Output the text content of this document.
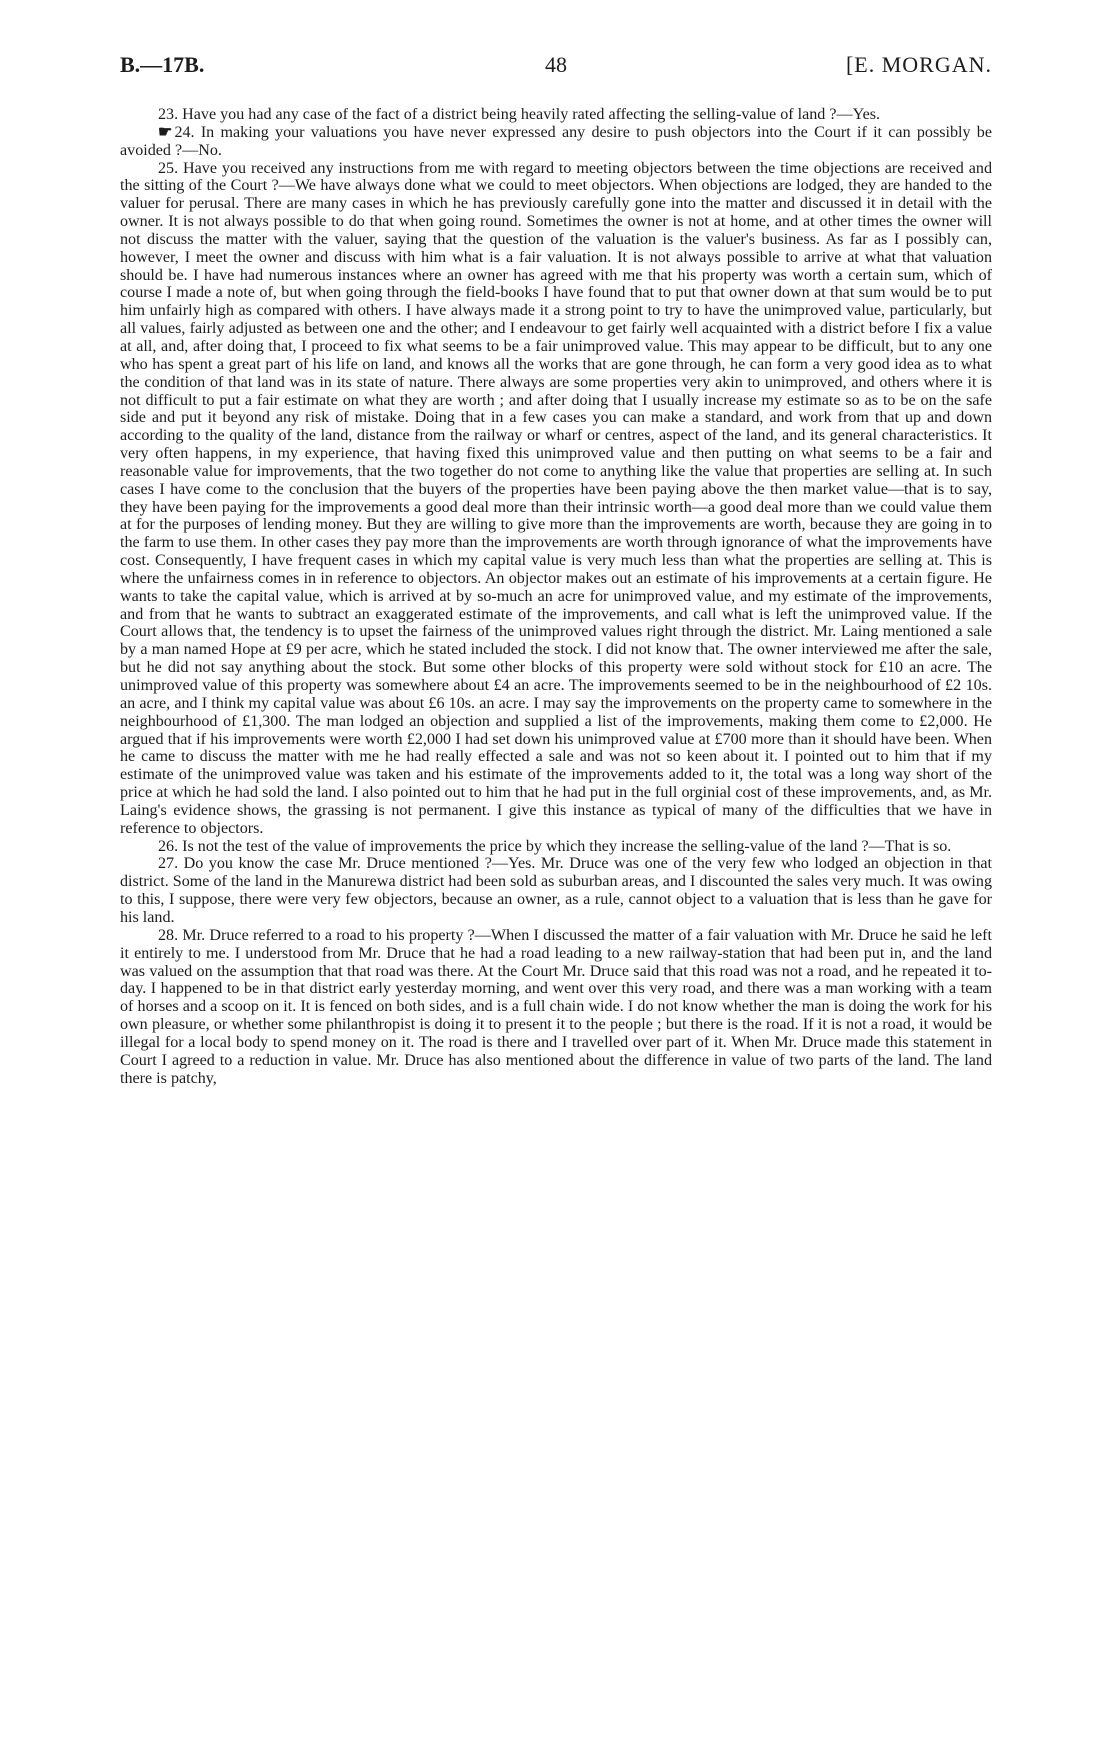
B.—17B.	48	[E. MORGAN.

23. Have you had any case of the fact of a district being heavily rated affecting the selling-value of land ?—Yes.

☛ 24. In making your valuations you have never expressed any desire to push objectors into the Court if it can possibly be avoided ?—No.

25. Have you received any instructions from me with regard to meeting objectors between the time objections are received and the sitting of the Court ?—We have always done what we could to meet objectors. When objections are lodged, they are handed to the valuer for perusal. There are many cases in which he has previously carefully gone into the matter and discussed it in detail with the owner. It is not always possible to do that when going round. Sometimes the owner is not at home, and at other times the owner will not discuss the matter with the valuer, saying that the question of the valuation is the valuer's business. As far as I possibly can, however, I meet the owner and discuss with him what is a fair valuation. It is not always possible to arrive at what that valuation should be. I have had numerous instances where an owner has agreed with me that his property was worth a certain sum, which of course I made a note of, but when going through the field-books I have found that to put that owner down at that sum would be to put him unfairly high as compared with others. I have always made it a strong point to try to have the unimproved value, particularly, but all values, fairly adjusted as between one and the other; and I endeavour to get fairly well acquainted with a district before I fix a value at all, and, after doing that, I proceed to fix what seems to be a fair unimproved value. This may appear to be difficult, but to any one who has spent a great part of his life on land, and knows all the works that are gone through, he can form a very good idea as to what the condition of that land was in its state of nature. There always are some properties very akin to unimproved, and others where it is not difficult to put a fair estimate on what they are worth ; and after doing that I usually increase my estimate so as to be on the safe side and put it beyond any risk of mistake. Doing that in a few cases you can make a standard, and work from that up and down according to the quality of the land, distance from the railway or wharf or centres, aspect of the land, and its general characteristics. It very often happens, in my experience, that having fixed this unimproved value and then putting on what seems to be a fair and reasonable value for improvements, that the two together do not come to anything like the value that properties are selling at. In such cases I have come to the conclusion that the buyers of the properties have been paying above the then market value—that is to say, they have been paying for the improvements a good deal more than their intrinsic worth—a good deal more than we could value them at for the purposes of lending money. But they are willing to give more than the improvements are worth, because they are going in to the farm to use them. In other cases they pay more than the improvements are worth through ignorance of what the improvements have cost. Consequently, I have frequent cases in which my capital value is very much less than what the properties are selling at. This is where the unfairness comes in in reference to objectors. An objector makes out an estimate of his improvements at a certain figure. He wants to take the capital value, which is arrived at by so-much an acre for unimproved value, and my estimate of the improvements, and from that he wants to subtract an exaggerated estimate of the improvements, and call what is left the unimproved value. If the Court allows that, the tendency is to upset the fairness of the unimproved values right through the district. Mr. Laing mentioned a sale by a man named Hope at £9 per acre, which he stated included the stock. I did not know that. The owner interviewed me after the sale, but he did not say anything about the stock. But some other blocks of this property were sold without stock for £10 an acre. The unimproved value of this property was somewhere about £4 an acre. The improvements seemed to be in the neighbourhood of £2 10s. an acre, and I think my capital value was about £6 10s. an acre. I may say the improvements on the property came to somewhere in the neighbourhood of £1,300. The man lodged an objection and supplied a list of the improvements, making them come to £2,000. He argued that if his improvements were worth £2,000 I had set down his unimproved value at £700 more than it should have been. When he came to discuss the matter with me he had really effected a sale and was not so keen about it. I pointed out to him that if my estimate of the unimproved value was taken and his estimate of the improvements added to it, the total was a long way short of the price at which he had sold the land. I also pointed out to him that he had put in the full orginial cost of these improvements, and, as Mr. Laing's evidence shows, the grassing is not permanent. I give this instance as typical of many of the difficulties that we have in reference to objectors.

26. Is not the test of the value of improvements the price by which they increase the selling-value of the land ?—That is so.

27. Do you know the case Mr. Druce mentioned ?—Yes. Mr. Druce was one of the very few who lodged an objection in that district. Some of the land in the Manurewa district had been sold as suburban areas, and I discounted the sales very much. It was owing to this, I suppose, there were very few objectors, because an owner, as a rule, cannot object to a valuation that is less than he gave for his land.

28. Mr. Druce referred to a road to his property ?—When I discussed the matter of a fair valuation with Mr. Druce he said he left it entirely to me. I understood from Mr. Druce that he had a road leading to a new railway-station that had been put in, and the land was valued on the assumption that that road was there. At the Court Mr. Druce said that this road was not a road, and he repeated it to-day. I happened to be in that district early yesterday morning, and went over this very road, and there was a man working with a team of horses and a scoop on it. It is fenced on both sides, and is a full chain wide. I do not know whether the man is doing the work for his own pleasure, or whether some philanthropist is doing it to present it to the people ; but there is the road. If it is not a road, it would be illegal for a local body to spend money on it. The road is there and I travelled over part of it. When Mr. Druce made this statement in Court I agreed to a reduction in value. Mr. Druce has also mentioned about the difference in value of two parts of the land. The land there is patchy,
